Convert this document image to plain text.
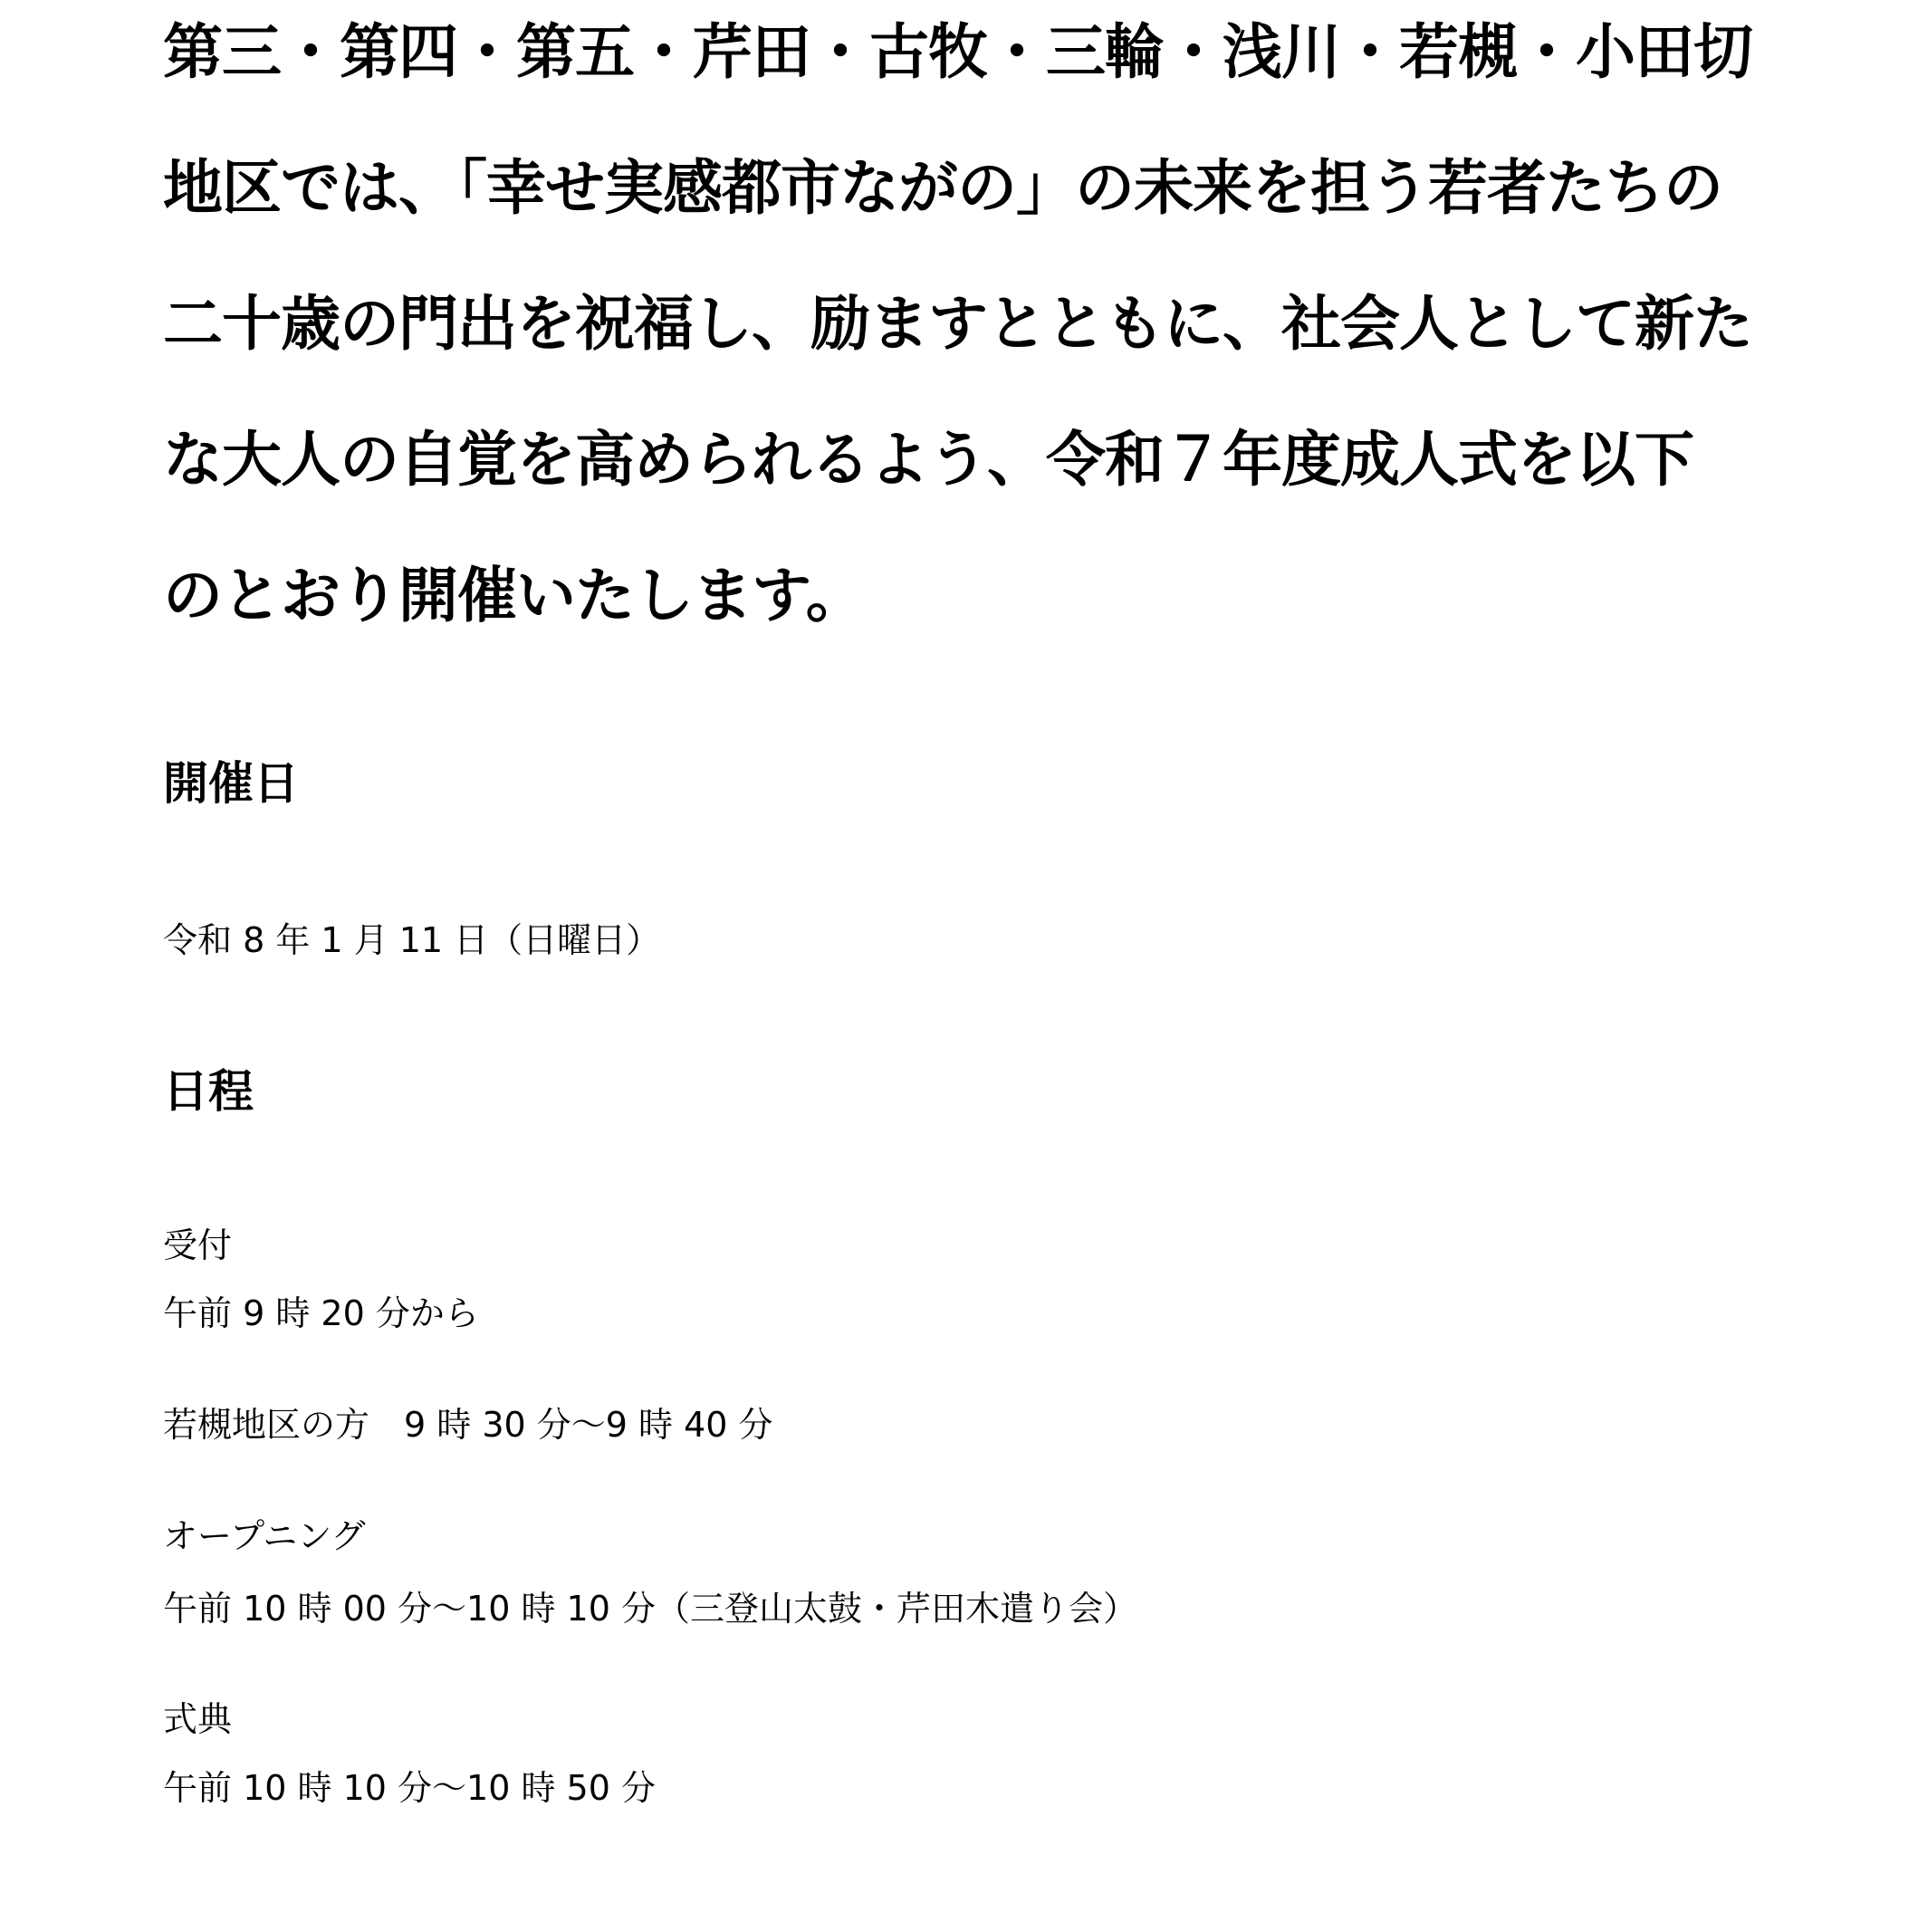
第三・第四・第五・芹田・古牧・三輪・浅川・若槻・小田切
地区では、「幸せ実感都市ながの」の未来を担う若者たちの
二十歳の門出を祝福し、励ますとともに、社会人として新た
な大人の自覚を高められるよう、令和７年度成人式を以下
のとおり開催いたします。
開催日
令和 8 年 1 月 11 日（日曜日）
日程
受付
午前 9 時 20 分から
若槻地区の方　9 時 30 分～9 時 40 分
オープニング
午前 10 時 00 分～10 時 10 分（三登山太鼓・芹田木遣り会）
式典
午前 10 時 10 分～10 時 50 分
